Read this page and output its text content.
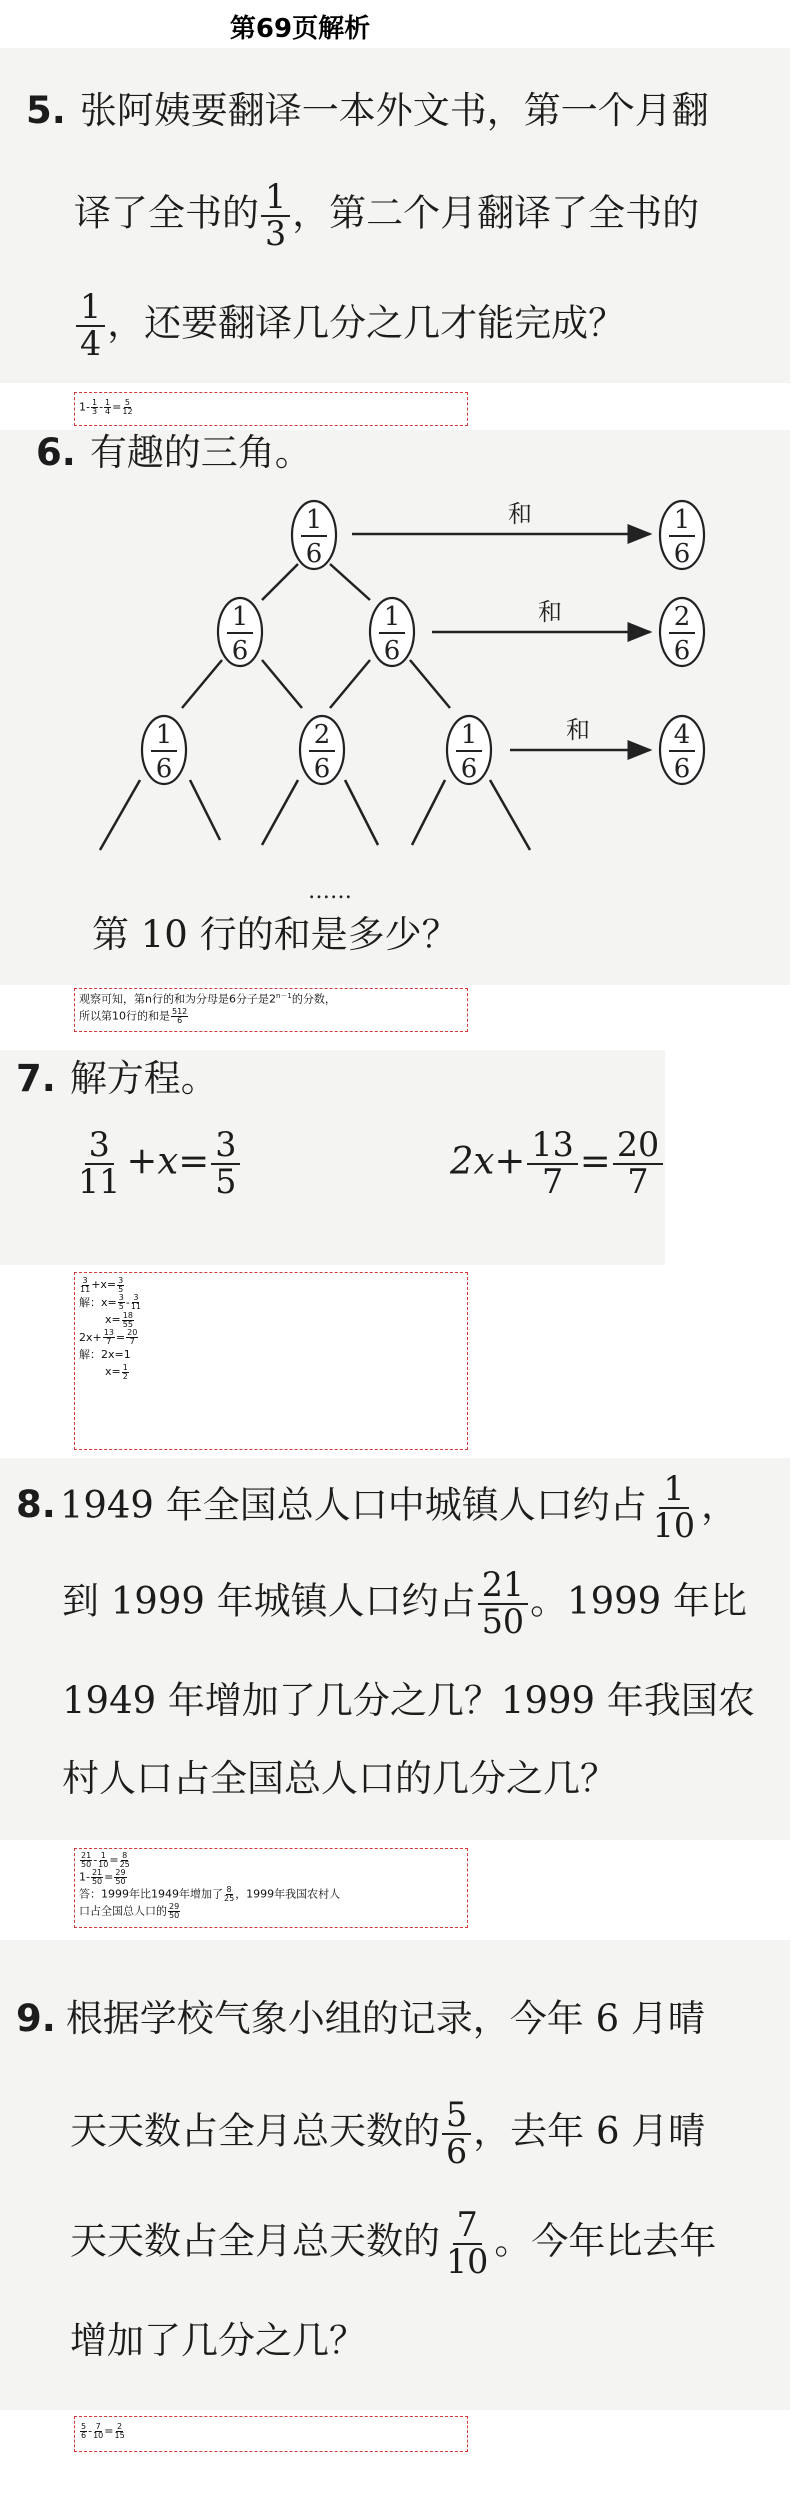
第69页解析
5. 张阿姨要翻译一本外文书，第一个月翻
译了全书的 $\frac{1}{3}$ ，第二个月翻译了全书的
$\frac{1}{4}$ ，还要翻译几分之几才能完成？
$1- \frac{1}{3} - \frac{1}{4} = \frac{5}{12}$
6. 有趣的三角。
1
6
1
6
1
6
1
6
2
6
1
6
1
6
2
6
4
6
和
和
和
……
第 10 行的和是多少？
观察可知，第n行的和为分母是6分子是$2^{n-1}$的分数，
所以第10行的和是 $\frac{512}{6}$
7. 解方程。
$\frac{3}{11} +x= \frac{3}{5}$	$2x+ \frac{13}{7} = \frac{20}{7}$
$\frac{3}{11} +x= \frac{3}{5}$
解：$x= \frac{3}{5} - \frac{3}{11}$
$x= \frac{18}{55}$
$2x+ \frac{13}{7} = \frac{20}{7}$
解：2x=1
$x= \frac{1}{2}$
8. 1949 年全国总人口中城镇人口约占 $\frac{1}{10}$ ，
到 1999 年城镇人口约占 $\frac{21}{50}$ 。1999 年比
1949 年增加了几分之几？1999 年我国农
村人口占全国总人口的几分之几？
$\frac{21}{50} - \frac{1}{10} = \frac{8}{25}$
$1- \frac{21}{50} = \frac{29}{50}$
答：1999年比1949年增加了 $\frac{8}{25}$ ，1999年我国农村人
口占全国总人口的 $\frac{29}{50}$
9. 根据学校气象小组的记录，今年 6 月晴
天天数占全月总天数的 $\frac{5}{6}$ ，去年 6 月晴
天天数占全月总天数的 $\frac{7}{10}$ 。今年比去年
增加了几分之几？
$\frac{5}{6} - \frac{7}{10} = \frac{2}{15}$
